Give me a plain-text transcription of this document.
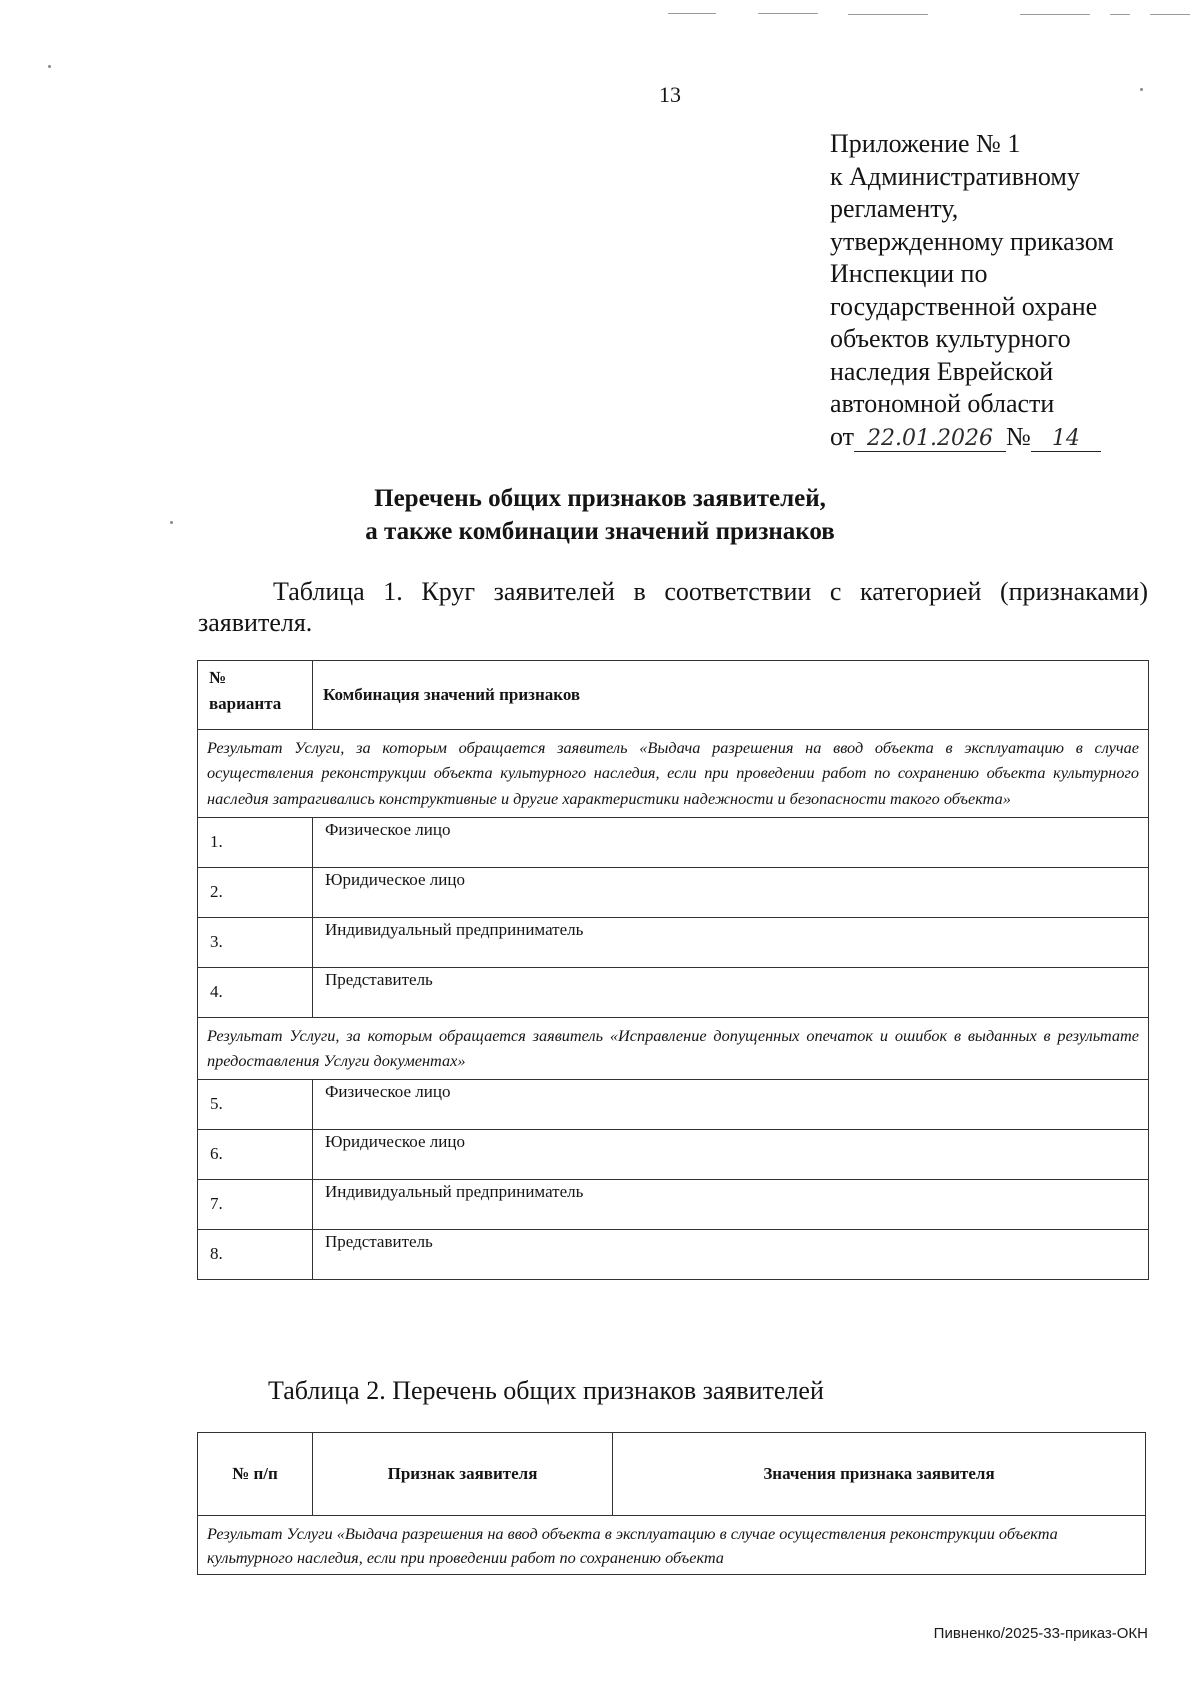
13
Приложение № 1
к Административному
регламенту,
утвержденному приказом
Инспекции по
государственной охране
объектов культурного
наследия Еврейской
автономной области
от 22.01.2026 № 14
Перечень общих признаков заявителей,
а также комбинации значений признаков
Таблица 1. Круг заявителей в соответствии с категорией (признаками) заявителя.
№ варианта	Комбинация значений признаков
Результат Услуги, за которым обращается заявитель «Выдача разрешения на ввод объекта в эксплуатацию в случае осуществления реконструкции объекта культурного наследия, если при проведении работ по сохранению объекта культурного наследия затрагивались конструктивные и другие характеристики надежности и безопасности такого объекта»	
1.	Физическое лицо
2.	Юридическое лицо
3.	Индивидуальный предприниматель
4.	Представитель
Результат Услуги, за которым обращается заявитель «Исправление допущенных опечаток и ошибок в выданных в результате предоставления Услуги документах»	
5.	Физическое лицо
6.	Юридическое лицо
7.	Индивидуальный предприниматель
8.	Представитель
Таблица 2. Перечень общих признаков заявителей
№ п/п	Признак заявителя	Значения признака заявителя
Результат Услуги «Выдача разрешения на ввод объекта в эксплуатацию в случае осуществления реконструкции объекта культурного наследия, если при проведении работ по сохранению объекта
Пивненко/2025-33-приказ-ОКН
